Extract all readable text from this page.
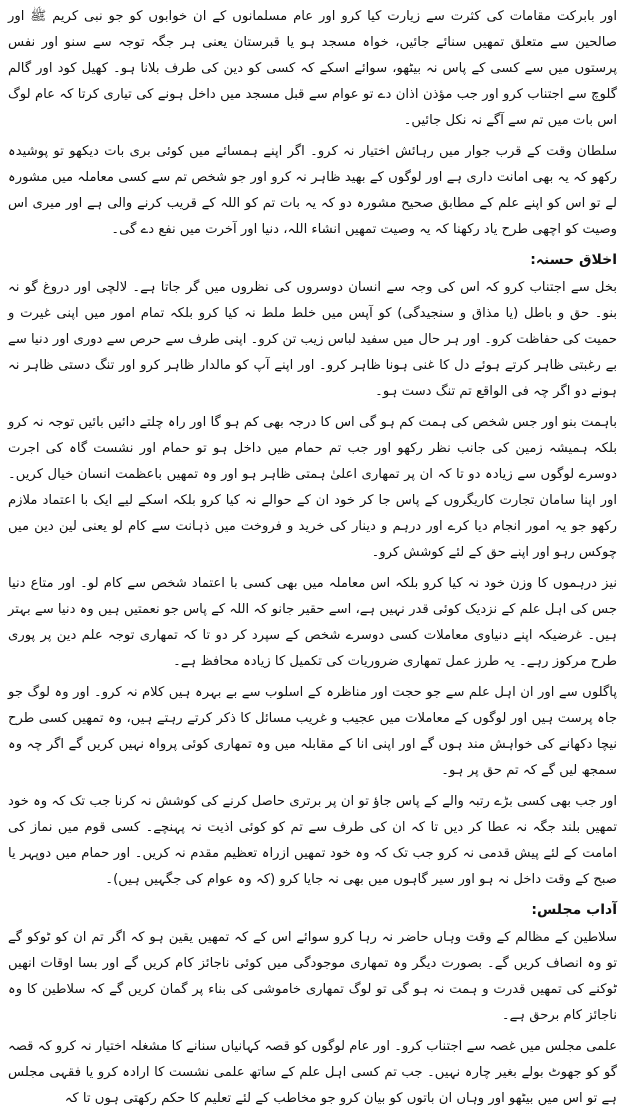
اور بابرکت مقامات کی کثرت سے زیارت کیا کرو اور عام مسلمانوں کے ان خوابوں کو جو نبی کریم ﷺ اور صالحین سے متعلق تمھیں سنائے جائیں، خواہ مسجد ہو یا قبرستان یعنی ہر جگہ توجہ سے سنو اور نفس پرستوں میں سے کسی کے پاس نہ بیٹھو، سوائے اسکے کہ کسی کو دین کی طرف بلانا ہو۔ کھیل کود اور گالم گلوچ سے اجتناب کرو اور جب مؤذن اذان دے تو عوام سے قبل مسجد میں داخل ہونے کی تیاری کرتا کہ عام لوگ اس بات میں تم سے آگے نہ نکل جائیں۔

سلطان وقت کے قرب جوار میں رہائش اختیار نہ کرو۔ اگر اپنے ہمسائے میں کوئی بری بات دیکھو تو پوشیدہ رکھو کہ یہ بھی امانت داری ہے اور لوگوں کے بھید ظاہر نہ کرو اور جو شخص تم سے کسی معاملہ میں مشورہ لے تو اس کو اپنے علم کے مطابق صحیح مشورہ دو کہ یہ بات تم کو اللہ کے قریب کرنے والی ہے اور میری اس وصیت کو اچھی طرح یاد رکھنا کہ یہ وصیت تمھیں انشاء اللہ، دنیا اور آخرت میں نفع دے گی۔

اخلاق حسنہ:

بخل سے اجتناب کرو کہ اس کی وجہ سے انسان دوسروں کی نظروں میں گر جاتا ہے۔ لالچی اور دروغ گو نہ بنو۔ حق و باطل (یا مذاق و سنجیدگی) کو آپس میں خلط ملط نہ کیا کرو بلکہ تمام امور میں اپنی غیرت و حمیت کی حفاظت کرو۔ اور ہر حال میں سفید لباس زیب تن کرو۔ اپنی طرف سے حرص سے دوری اور دنیا سے بے رغبتی ظاہر کرتے ہوئے دل کا غنی ہونا ظاہر کرو۔ اور اپنے آپ کو مالدار ظاہر کرو اور تنگ دستی ظاہر نہ ہونے دو اگر چہ فی الواقع تم تنگ دست ہو۔

باہمت بنو اور جس شخص کی ہمت کم ہو گی اس کا درجہ بھی کم ہو گا اور راہ چلتے دائیں بائیں توجہ نہ کرو بلکہ ہمیشہ زمین کی جانب نظر رکھو اور جب تم حمام میں داخل ہو تو حمام اور نشست گاہ کی اجرت دوسرے لوگوں سے زیادہ دو تا کہ ان پر تمھاری اعلیٰ ہمتی ظاہر ہو اور وہ تمھیں باعظمت انسان خیال کریں۔ اور اپنا سامان تجارت کاریگروں کے پاس جا کر خود ان کے حوالے نہ کیا کرو بلکہ اسکے لیے ایک با اعتماد ملازم رکھو جو یہ امور انجام دیا کرے اور درہم و دینار کی خرید و فروخت میں ذہانت سے کام لو یعنی لین دین میں چوکس رہو اور اپنے حق کے لئے کوشش کرو۔

نیز درہموں کا وزن خود نہ کیا کرو بلکہ اس معاملہ میں بھی کسی با اعتماد شخص سے کام لو۔ اور متاع دنیا جس کی اہل علم کے نزدیک کوئی قدر نہیں ہے، اسے حقیر جانو کہ اللہ کے پاس جو نعمتیں ہیں وہ دنیا سے بہتر ہیں۔ غرضیکہ اپنے دنیاوی معاملات کسی دوسرے شخص کے سپرد کر دو تا کہ تمھاری توجہ علم دین پر پوری طرح مرکوز رہے۔ یہ طرز عمل تمھاری ضروریات کی تکمیل کا زیادہ محافظ ہے۔

پاگلوں سے اور ان اہل علم سے جو حجت اور مناظرہ کے اسلوب سے بے بہرہ ہیں کلام نہ کرو۔ اور وہ لوگ جو جاہ پرست ہیں اور لوگوں کے معاملات میں عجیب و غریب مسائل کا ذکر کرتے رہتے ہیں، وہ تمھیں کسی طرح نیچا دکھانے کی خواہش مند ہوں گے اور اپنی انا کے مقابلہ میں وہ تمھاری کوئی پرواہ نہیں کریں گے اگر چہ وہ سمجھ لیں گے کہ تم حق پر ہو۔

اور جب بھی کسی بڑے رتبہ والے کے پاس جاؤ تو ان پر برتری حاصل کرنے کی کوشش نہ کرنا جب تک کہ وہ خود تمھیں بلند جگہ نہ عطا کر دیں تا کہ ان کی طرف سے تم کو کوئی اذیت نہ پہنچے۔ کسی قوم میں نماز کی امامت کے لئے پیش قدمی نہ کرو جب تک کہ وہ خود تمھیں ازراہ تعظیم مقدم نہ کریں۔ اور حمام میں دوپہر یا صبح کے وقت داخل نہ ہو اور سیر گاہوں میں بھی نہ جایا کرو (کہ وہ عوام کی جگہیں ہیں)۔

آداب مجلس:

سلاطین کے مظالم کے وقت وہاں حاضر نہ رہا کرو سوائے اس کے کہ تمھیں یقین ہو کہ اگر تم ان کو ٹوکو گے تو وہ انصاف کریں گے۔ بصورت دیگر وہ تمھاری موجودگی میں کوئی ناجائز کام کریں گے اور بسا اوقات انھیں ٹوکنے کی تمھیں قدرت و ہمت نہ ہو گی تو لوگ تمھاری خاموشی کی بناء پر گمان کریں گے کہ سلاطین کا وہ ناجائز کام برحق ہے۔

علمی مجلس میں غصہ سے اجتناب کرو۔ اور عام لوگوں کو قصہ کہانیاں سنانے کا مشغلہ اختیار نہ کرو کہ قصہ گو کو جھوٹ بولے بغیر چارہ نہیں۔ جب تم کسی اہل علم کے ساتھ علمی نشست کا ارادہ کرو یا فقہی مجلس ہے تو اس میں بیٹھو اور وہاں ان باتوں کو بیان کرو جو مخاطب کے لئے تعلیم کا حکم رکھتی ہوں تا کہ
